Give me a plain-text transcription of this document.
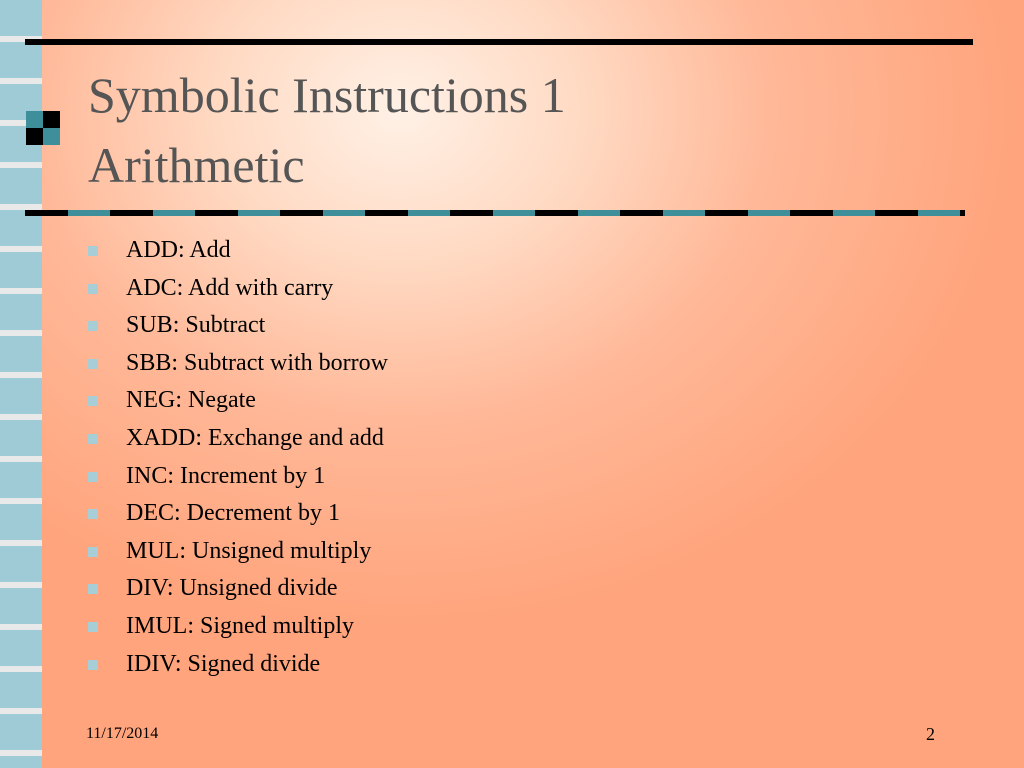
Symbolic Instructions 1
Arithmetic
ADD: Add
ADC: Add with carry
SUB: Subtract
SBB: Subtract with borrow
NEG: Negate
XADD: Exchange and add
INC: Increment by 1
DEC: Decrement by 1
MUL: Unsigned multiply
DIV: Unsigned divide
IMUL: Signed multiply
IDIV: Signed divide
11/17/2014	2
